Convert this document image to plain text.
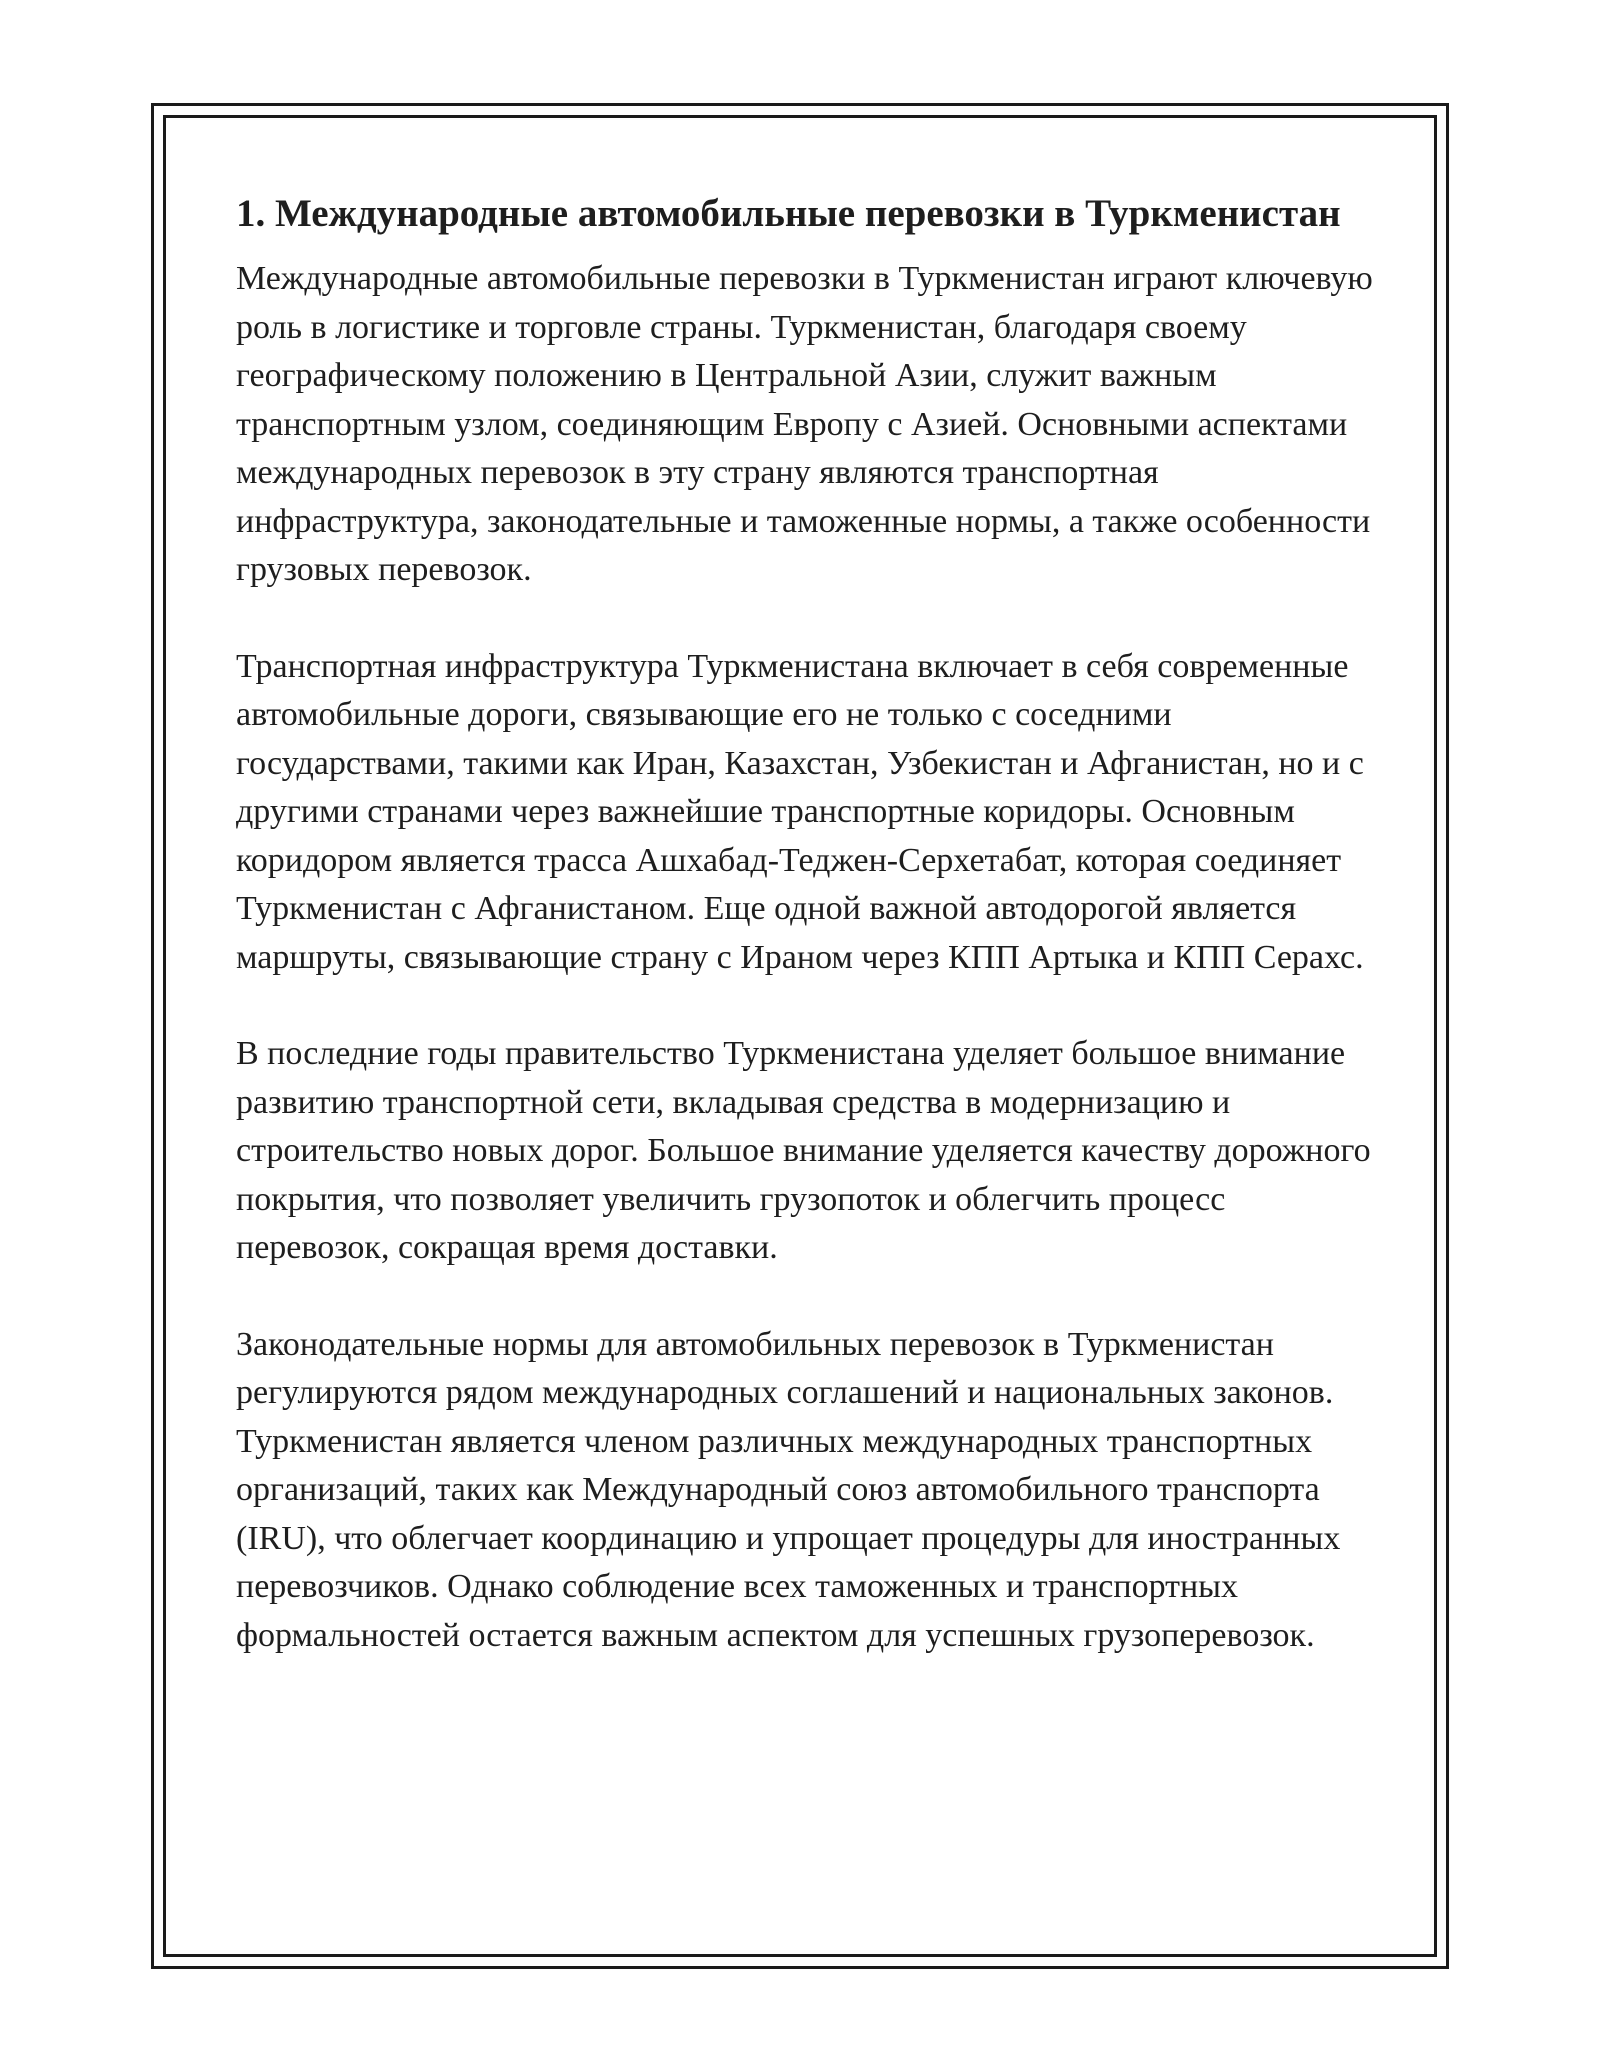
1. Международные автомобильные перевозки в Туркменистан

Международные автомобильные перевозки в Туркменистан играют ключевую роль в логистике и торговле страны. Туркменистан, благодаря своему географическому положению в Центральной Азии, служит важным транспортным узлом, соединяющим Европу с Азией. Основными аспектами международных перевозок в эту страну являются транспортная инфраструктура, законодательные и таможенные нормы, а также особенности грузовых перевозок.

Транспортная инфраструктура Туркменистана включает в себя современные автомобильные дороги, связывающие его не только с соседними государствами, такими как Иран, Казахстан, Узбекистан и Афганистан, но и с другими странами через важнейшие транспортные коридоры. Основным коридором является трасса Ашхабад-Теджен-Серхетабат, которая соединяет Туркменистан с Афганистаном. Еще одной важной автодорогой является маршруты, связывающие страну с Ираном через КПП Артыка и КПП Серахс.

В последние годы правительство Туркменистана уделяет большое внимание развитию транспортной сети, вкладывая средства в модернизацию и строительство новых дорог. Большое внимание уделяется качеству дорожного покрытия, что позволяет увеличить грузопоток и облегчить процесс перевозок, сокращая время доставки.

Законодательные нормы для автомобильных перевозок в Туркменистан регулируются рядом международных соглашений и национальных законов. Туркменистан является членом различных международных транспортных организаций, таких как Международный союз автомобильного транспорта (IRU), что облегчает координацию и упрощает процедуры для иностранных перевозчиков. Однако соблюдение всех таможенных и транспортных формальностей остается важным аспектом для успешных грузоперевозок.
